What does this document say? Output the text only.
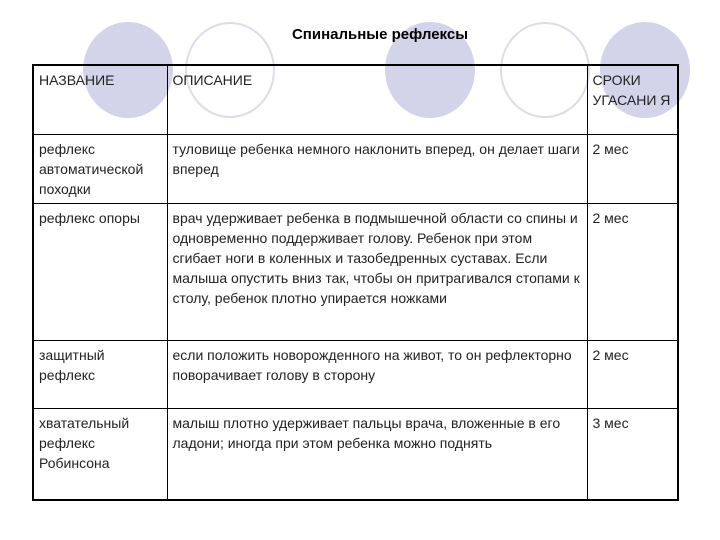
Спинальные рефлексы
НАЗВАНИЕ	ОПИСАНИЕ	СРОКИ УГАСАНИ Я
рефлекс автоматической походки	туловище ребенка немного наклонить вперед, он делает шаги вперед	2 мес
рефлекс опоры	врач удерживает ребенка в подмышечной области со спины и одновременно поддерживает голову. Ребенок при этом сгибает ноги в коленных и тазобедренных суставах. Если малыша опустить вниз так, чтобы он притрагивался стопами к столу, ребенок плотно упирается ножками	2 мес
защитный рефлекс	если положить новорожденного на живот, то он рефлекторно поворачивает голову в сторону	2 мес
хватательный рефлекс Робинсона	малыш плотно удерживает пальцы врача, вложенные в его ладони; иногда при этом ребенка можно поднять	3 мес
